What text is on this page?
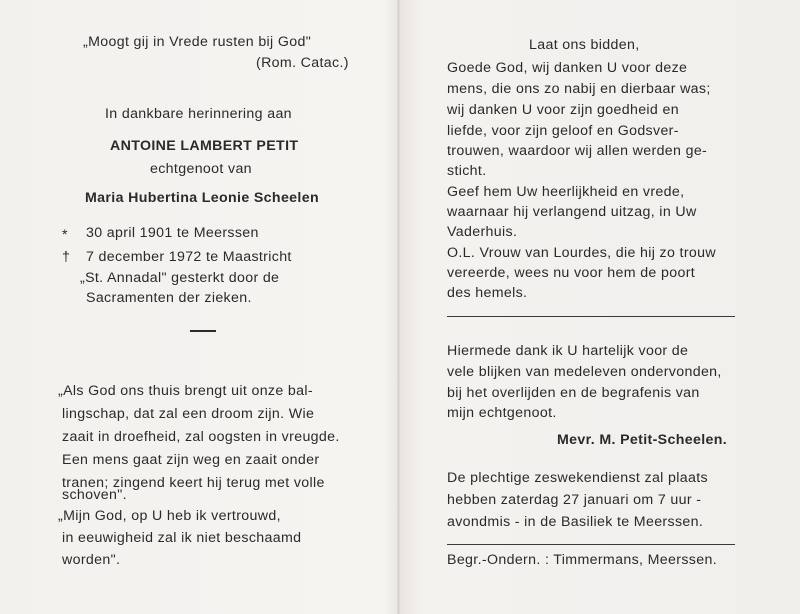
„Moogt gij in Vrede rusten bij God"
(Rom. Catac.)
In dankbare herinnering aan
ANTOINE LAMBERT PETIT
echtgenoot van
Maria Hubertina Leonie Scheelen
* 30 april 1901 te Meerssen
† 7 december 1972 te Maastricht
„St. Annadal" gesterkt door de
Sacramenten der zieken.
„Als God ons thuis brengt uit onze bal-
lingschap, dat zal een droom zijn. Wie
zaait in droefheid, zal oogsten in vreugde.
Een mens gaat zijn weg en zaait onder
tranen; zingend keert hij terug met volle
schoven".
„Mijn God, op U heb ik vertrouwd,
in eeuwigheid zal ik niet beschaamd
worden".
Laat ons bidden,
Goede God, wij danken U voor deze
mens, die ons zo nabij en dierbaar was;
wij danken U voor zijn goedheid en
liefde, voor zijn geloof en Godsver-
trouwen, waardoor wij allen werden ge-
sticht.
Geef hem Uw heerlijkheid en vrede,
waarnaar hij verlangend uitzag, in Uw
Vaderhuis.
O.L. Vrouw van Lourdes, die hij zo trouw
vereerde, wees nu voor hem de poort
des hemels.
Hiermede dank ik U hartelijk voor de
vele blijken van medeleven ondervonden,
bij het overlijden en de begrafenis van
mijn echtgenoot.
Mevr. M. Petit-Scheelen.
De plechtige zeswekendienst zal plaats
hebben zaterdag 27 januari om 7 uur -
avondmis - in de Basiliek te Meerssen.
Begr.-Ondern. : Timmermans, Meerssen.
